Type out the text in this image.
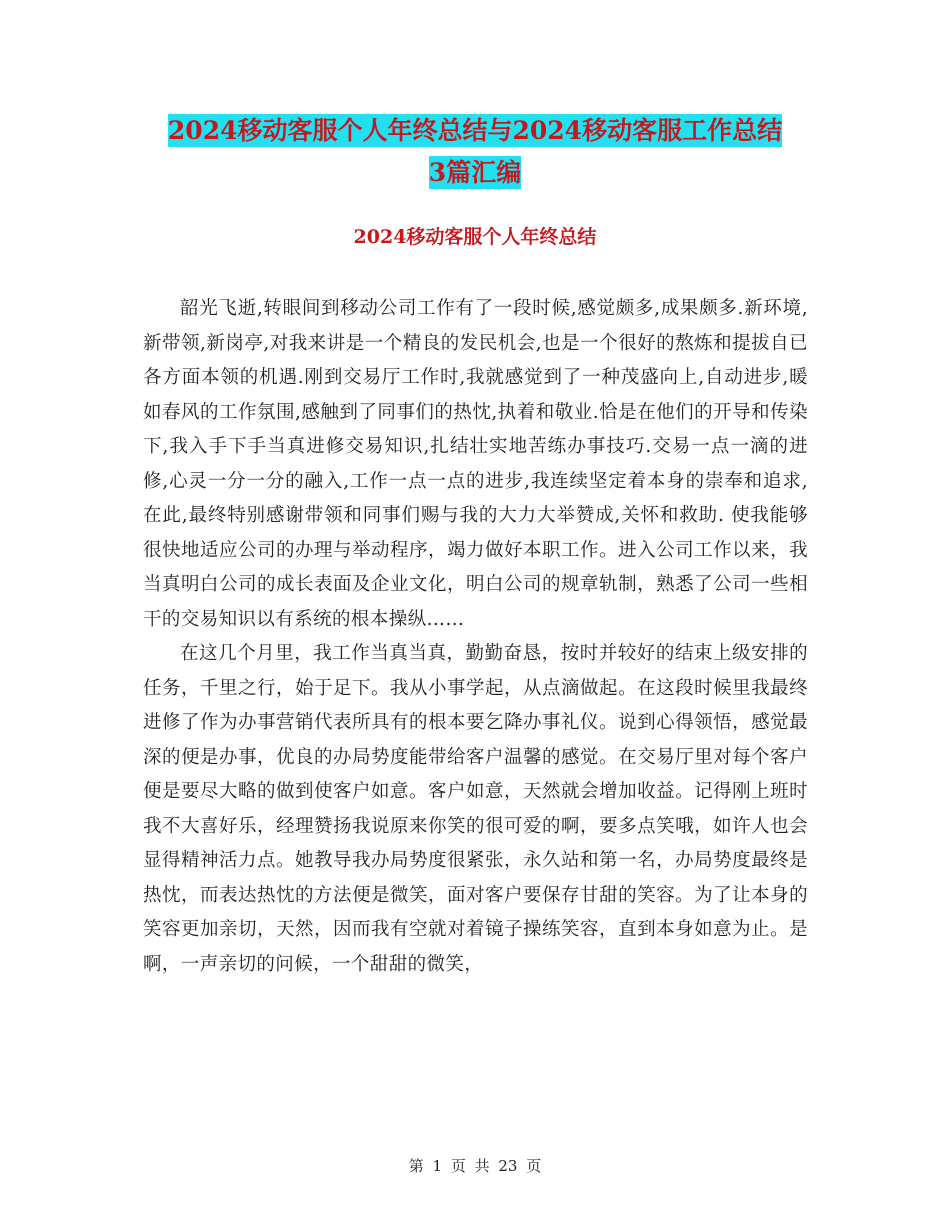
2024移动客服个人年终总结与2024移动客服工作总结
3篇汇编
2024移动客服个人年终总结

韶光飞逝,转眼间到移动公司工作有了一段时候,感觉颇多,成果颇多.新环境,新带领,新岗亭,对我来讲是一个精良的发民机会,也是一个很好的熬炼和提拔自已各方面本领的机遇.刚到交易厅工作时,我就感觉到了一种茂盛向上,自动进步,暖如春风的工作氛围,感触到了同事们的热忱,执着和敬业.恰是在他们的开导和传染下,我入手下手当真进修交易知识,扎结壮实地苦练办事技巧.交易一点一滴的进修,心灵一分一分的融入,工作一点一点的进步,我连续坚定着本身的崇奉和追求,在此,最终特别感谢带领和同事们赐与我的大力大举赞成,关怀和救助. 使我能够很快地适应公司的办理与举动程序，竭力做好本职工作。进入公司工作以来，我当真明白公司的成长表面及企业文化，明白公司的规章轨制，熟悉了公司一些相干的交易知识以有系统的根本操纵……

在这几个月里，我工作当真当真，勤勤奋恳，按时并较好的结束上级安排的任务，千里之行，始于足下。我从小事学起，从点滴做起。在这段时候里我最终进修了作为办事营销代表所具有的根本要乞降办事礼仪。说到心得领悟，感觉最深的便是办事，优良的办局势度能带给客户温馨的感觉。在交易厅里对每个客户便是要尽大略的做到使客户如意。客户如意，天然就会增加收益。记得刚上班时我不大喜好乐，经理赞扬我说原来你笑的很可爱的啊，要多点笑哦，如许人也会显得精神活力点。她教导我办局势度很紧张，永久站和第一名，办局势度最终是热忱，而表达热忱的方法便是微笑，面对客户要保存甘甜的笑容。为了让本身的笑容更加亲切，天然，因而我有空就对着镜子操练笑容，直到本身如意为止。是啊，一声亲切的问候，一个甜甜的微笑，

第 1 页 共 23 页
